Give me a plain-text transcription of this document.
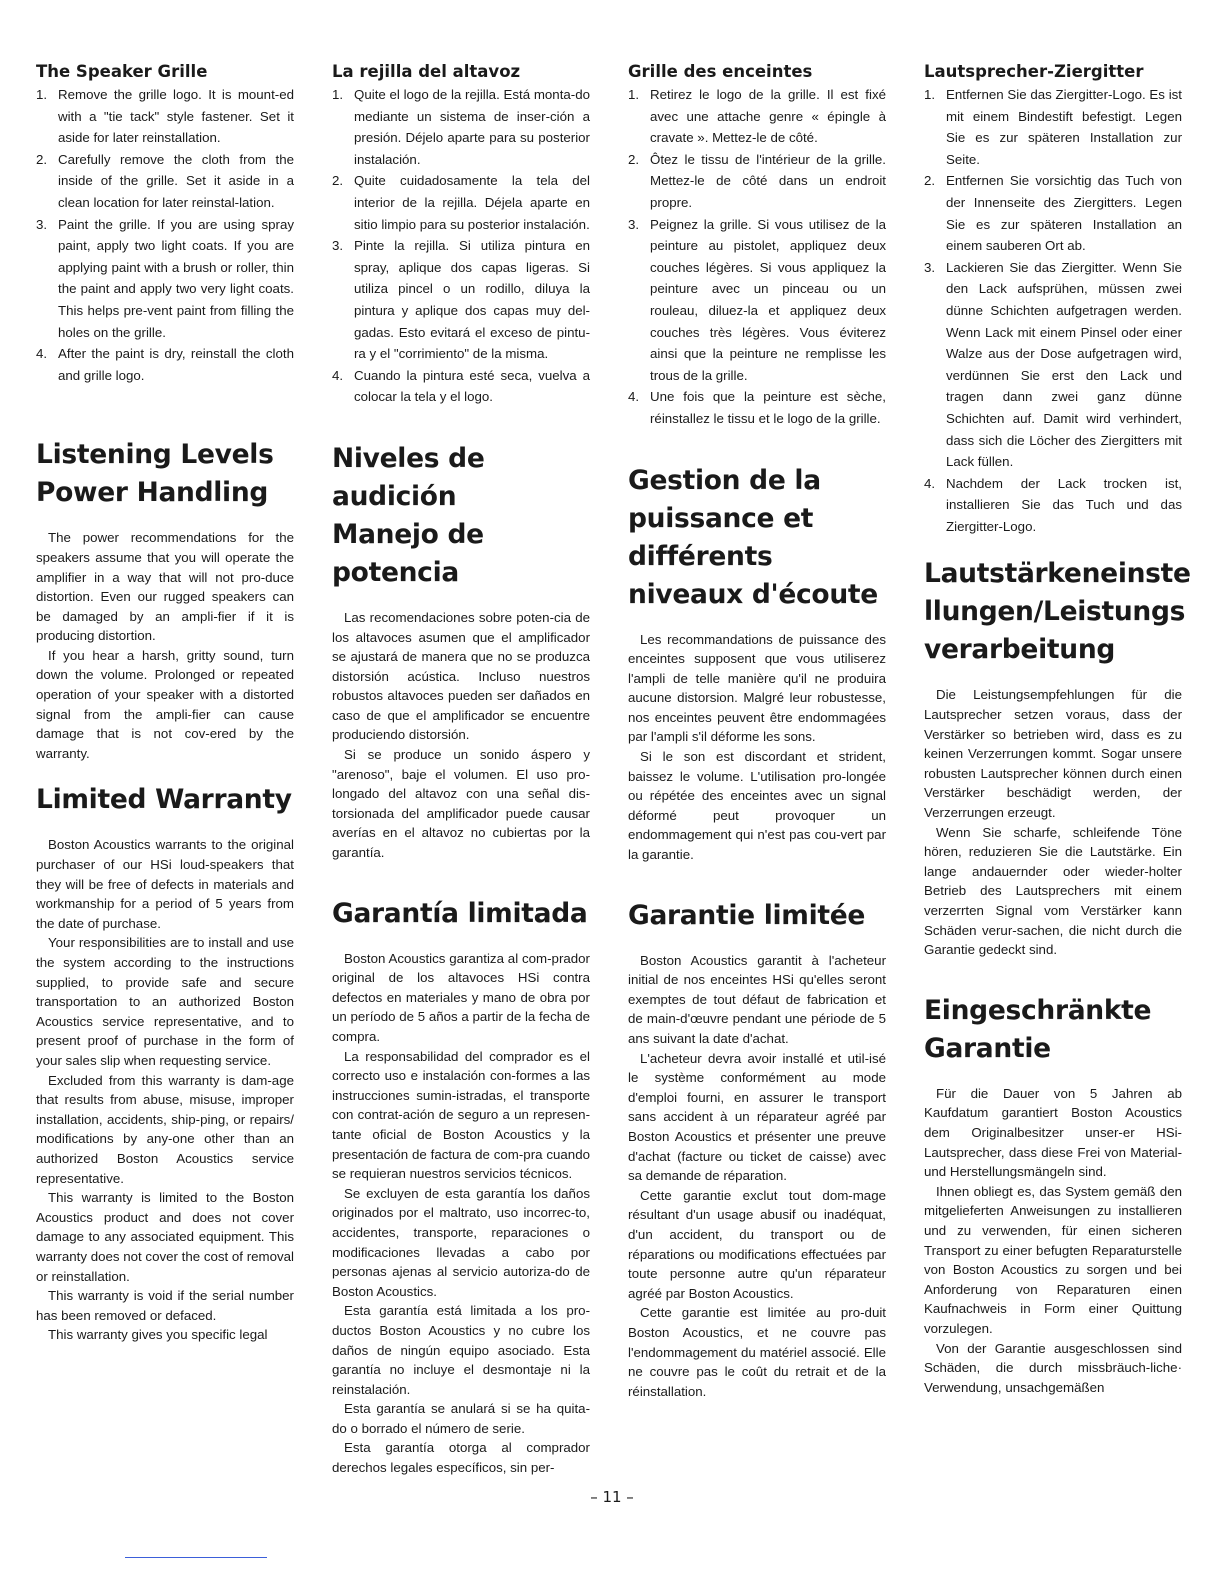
The Speaker Grille
1. Remove the grille logo. It is mount-ed with a "tie tack" style fastener. Set it aside for later reinstallation.
2. Carefully remove the cloth from the inside of the grille. Set it aside in a clean location for later reinstal-lation.
3. Paint the grille. If you are using spray paint, apply two light coats. If you are applying paint with a brush or roller, thin the paint and apply two very light coats. This helps pre-vent paint from filling the holes on the grille.
4. After the paint is dry, reinstall the cloth and grille logo.
Listening Levels
Power Handling

The power recommendations for the speakers assume that you will operate the amplifier in a way that will not pro-duce distortion. Even our rugged speakers can be damaged by an ampli-fier if it is producing distortion.

If you hear a harsh, gritty sound, turn down the volume. Prolonged or repeated operation of your speaker with a distorted signal from the ampli-fier can cause damage that is not cov-ered by the warranty.

Limited Warranty

Boston Acoustics warrants to the original purchaser of our HSi loud-speakers that they will be free of defects in materials and workmanship for a period of 5 years from the date of purchase.

Your responsibilities are to install and use the system according to the instructions supplied, to provide safe and secure transportation to an authorized Boston Acoustics service representative, and to present proof of purchase in the form of your sales slip when requesting service.

Excluded from this warranty is dam-age that results from abuse, misuse, improper installation, accidents, ship-ping, or repairs/ modifications by any-one other than an authorized Boston Acoustics service representative.

This warranty is limited to the Boston Acoustics product and does not cover damage to any associated equipment. This warranty does not cover the cost of removal or reinstallation.

This warranty is void if the serial number has been removed or defaced.

This warranty gives you specific legal

La rejilla del altavoz
1. Quite el logo de la rejilla. Está monta-do mediante un sistema de inser-ción a presión. Déjelo aparte para su posterior instalación.
2. Quite cuidadosamente la tela del interior de la rejilla. Déjela aparte en sitio limpio para su posterior instalación.
3. Pinte la rejilla. Si utiliza pintura en spray, aplique dos capas ligeras. Si utiliza pincel o un rodillo, diluya la pintura y aplique dos capas muy del-gadas. Esto evitará el exceso de pintu-ra y el "corrimiento" de la misma.
4. Cuando la pintura esté seca, vuelva a colocar la tela y el logo.
Niveles de audición
Manejo de potencia

Las recomendaciones sobre poten-cia de los altavoces asumen que el amplificador se ajustará de manera que no se produzca distorsión acústica. Incluso nuestros robustos altavoces pueden ser dañados en caso de que el amplificador se encuentre produciendo distorsión.

Si se produce un sonido áspero y "arenoso", baje el volumen. El uso pro-longado del altavoz con una señal dis-torsionada del amplificador puede causar averías en el altavoz no cubiertas por la garantía.

Garantía limitada

Boston Acoustics garantiza al com-prador original de los altavoces HSi contra defectos en materiales y mano de obra por un período de 5 años a partir de la fecha de compra.

La responsabilidad del comprador es el correcto uso e instalación con-formes a las instrucciones sumin-istradas, el transporte con contrat-ación de seguro a un represen-tante oficial de Boston Acoustics y la presentación de factura de com-pra cuando se requieran nuestros servicios técnicos.

Se excluyen de esta garantía los daños originados por el maltrato, uso incorrec-to, accidentes, transporte, reparaciones o modificaciones llevadas a cabo por personas ajenas al servicio autoriza-do de Boston Acoustics.

Esta garantía está limitada a los pro-ductos Boston Acoustics y no cubre los daños de ningún equipo asociado. Esta garantía no incluye el desmontaje ni la reinstalación.

Esta garantía se anulará si se ha quita-do o borrado el número de serie.

Esta garantía otorga al comprador derechos legales específicos, sin per-

Grille des enceintes
1. Retirez le logo de la grille. Il est fixé avec une attache genre « épingle à cravate ». Mettez-le de côté.
2. Ôtez le tissu de l'intérieur de la grille. Mettez-le de côté dans un endroit propre.
3. Peignez la grille. Si vous utilisez de la peinture au pistolet, appliquez deux couches légères. Si vous appliquez la peinture avec un pinceau ou un rouleau, diluez-la et appliquez deux couches très légères. Vous éviterez ainsi que la peinture ne remplisse les trous de la grille.
4. Une fois que la peinture est sèche, réinstallez le tissu et le logo de la grille.
Gestion de la puissance et différents niveaux d'écoute

Les recommandations de puissance des enceintes supposent que vous utiliserez l'ampli de telle manière qu'il ne produira aucune distorsion. Malgré leur robustesse, nos enceintes peuvent être endommagées par l'ampli s'il déforme les sons.

Si le son est discordant et strident, baissez le volume. L'utilisation pro-longée ou répétée des enceintes avec un signal déformé peut provoquer un endommagement qui n'est pas cou-vert par la garantie.

Garantie limitée

Boston Acoustics garantit à l'acheteur initial de nos enceintes HSi qu'elles seront exemptes de tout défaut de fabrication et de main-d'œuvre pendant une période de 5 ans suivant la date d'achat.

L'acheteur devra avoir installé et util-isé le système conformément au mode d'emploi fourni, en assurer le transport sans accident à un réparateur agréé par Boston Acoustics et présenter une preuve d'achat (facture ou ticket de caisse) avec sa demande de réparation.

Cette garantie exclut tout dom-mage résultant d'un usage abusif ou inadéquat, d'un accident, du transport ou de réparations ou modifications effectuées par toute personne autre qu'un réparateur agréé par Boston Acoustics.

Cette garantie est limitée au pro-duit Boston Acoustics, et ne couvre pas l'endommagement du matériel associé. Elle ne couvre pas le coût du retrait et de la réinstallation.

Lautsprecher-Ziergitter
1. Entfernen Sie das Ziergitter-Logo. Es ist mit einem Bindestift befestigt. Legen Sie es zur späteren Installation zur Seite.
2. Entfernen Sie vorsichtig das Tuch von der Innenseite des Ziergitters. Legen Sie es zur späteren Installation an einem sauberen Ort ab.
3. Lackieren Sie das Ziergitter. Wenn Sie den Lack aufsprühen, müssen zwei dünne Schichten aufgetragen werden. Wenn Lack mit einem Pinsel oder einer Walze aus der Dose aufgetragen wird, verdünnen Sie erst den Lack und tragen dann zwei ganz dünne Schichten auf. Damit wird verhindert, dass sich die Löcher des Ziergitters mit Lack füllen.
4. Nachdem der Lack trocken ist, installieren Sie das Tuch und das Ziergitter-Logo.
Lautstärkeneinste llungen/Leistungs verarbeitung

Die Leistungsempfehlungen für die Lautsprecher setzen voraus, dass der Verstärker so betrieben wird, dass es zu keinen Verzerrungen kommt. Sogar unsere robusten Lautsprecher können durch einen Verstärker beschädigt werden, der Verzerrungen erzeugt.

Wenn Sie scharfe, schleifende Töne hören, reduzieren Sie die Lautstärke. Ein lange andauernder oder wieder-holter Betrieb des Lautsprechers mit einem verzerrten Signal vom Verstärker kann Schäden verur-sachen, die nicht durch die Garantie gedeckt sind.

Eingeschränkte Garantie

Für die Dauer von 5 Jahren ab Kaufdatum garantiert Boston Acoustics dem Originalbesitzer unser-er HSi-Lautsprecher, dass diese Frei von Material- und Herstellungsmängeln sind.

Ihnen obliegt es, das System gemäß den mitgelieferten Anweisungen zu installieren und zu verwenden, für einen sicheren Transport zu einer befugten Reparaturstelle von Boston Acoustics zu sorgen und bei Anforderung von Reparaturen einen Kaufnachweis in Form einer Quittung vorzulegen.

Von der Garantie ausgeschlossen sind Schäden, die durch missbräuch-liche· Verwendung, unsachgemäßen

– 11 –
